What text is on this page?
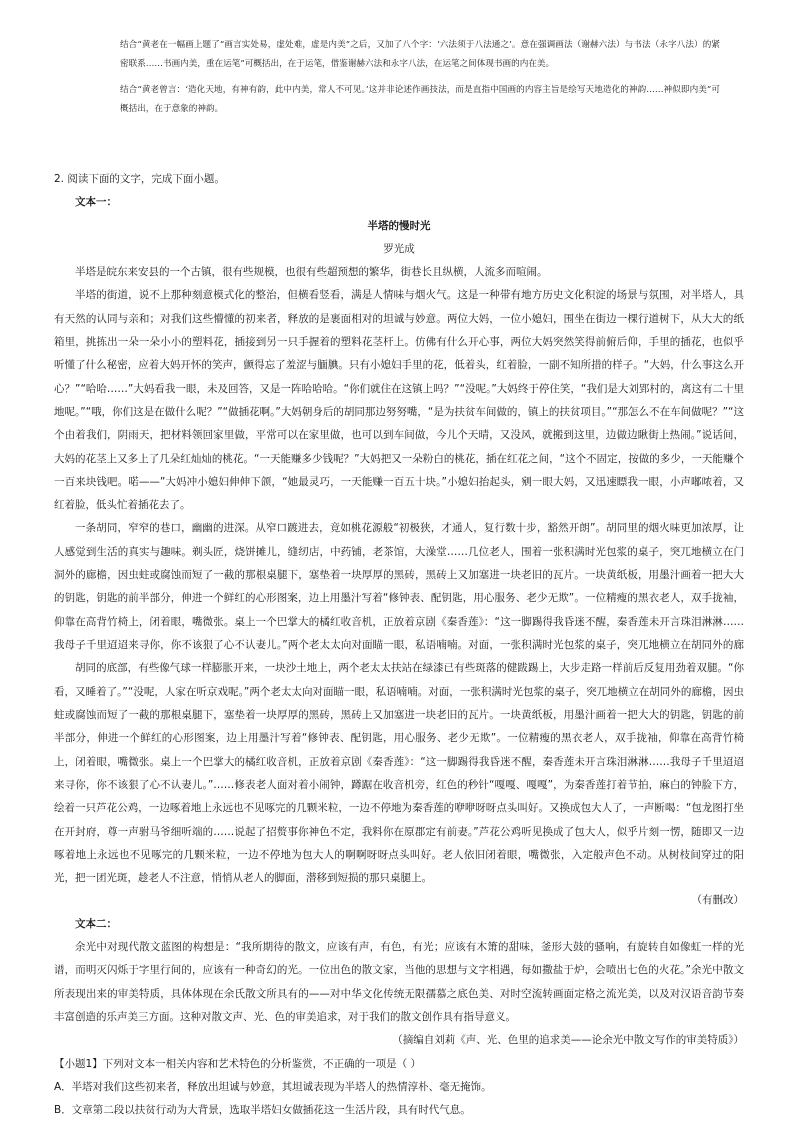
结合“黄老在一幅画上题了“画言实处易，虚处难，虚是内美”之后，又加了八个字：‘六法须于八法通之’。意在强调画法（谢赫六法）与书法（永字八法）的紧密联系……书画内美，重在运笔”可概括出，在于运笔，借鉴谢赫六法和永字八法，在运笔之间体现书画的内在美。

结合“黄老曾言：‘造化天地，有神有韵，此中内美，常人不可见。’这并非论述作画技法，而是直指中国画的内容主旨是绘写天地造化的神韵……神似即内美”可概括出，在于意象的神韵。

2. 阅读下面的文字，完成下面小题。

文本一：

半塔的慢时光

罗光成

半塔是皖东来安县的一个古镇，很有些规模，也很有些超预想的繁华，街巷长且纵横，人流多而喧闹。

半塔的街道，说不上那种刻意模式化的整治，但横看竖看，满是人情味与烟火气。这是一种带有地方历史文化积淀的场景与氛围，对半塔人，具有天然的认同与亲和；对我们这些懵懂的初来者，释放的是裹面相对的坦诚与妙意。两位大妈，一位小媳妇，围坐在街边一棵行道树下，从大大的纸箱里，挑拣出一朵一朵小小的塑料花，插接到另一只手握着的塑料花茎杆上。仿佛有什么开心事，两位大妈突然笑得前俯后仰，手里的插花，也似乎听懂了什么秘密，应着大妈开怀的笑声，颤得忘了羞涩与腼腆。只有小媳妇手里的花，低着头，红着脸，一副不知所措的样子。“大妈，什么事这么开心？”“哈哈……”大妈看我一眼，未及回答，又是一阵哈哈哈。“你们就住在这镇上吗？”“没呢。”大妈终于停住笑，“我们是大刘郢村的，离这有二十里地呢。”“哦，你们这是在做什么呢？”“做插花啊。”大妈朝身后的胡同那边努努嘴，“是为扶贫车间做的，镇上的扶贫项目。”“那怎么不在车间做呢？”“这个由着我们，阴雨天，把材料领回家里做，平常可以在家里做，也可以到车间做，今儿个天晴，又没风，就搬到这里，边做边瞅街上热闹。”说话间，大妈的花茎上又多上了几朵红灿灿的桃花。“一天能赚多少钱呢？”大妈把又一朵粉白的桃花，插在红花之间，“这个不固定，按做的多少，一天能赚个一百来块钱吧。喏——”大妈冲小媳妇伸伸下颌，“她最灵巧，一天能赚一百五十块。”小媳妇抬起头，剜一眼大妈，又迅速瞟我一眼，小声嘟哝着，又红着脸，低头忙着插花去了。

一条胡同，窄窄的巷口，幽幽的进深。从窄口踱进去，竟如桃花源般“初极狭，才通人，复行数十步，豁然开朗”。胡同里的烟火味更加浓厚，让人感觉到生活的真实与趣味。剃头匠，烧饼摊儿，缝纫店，中药铺，老茶馆，大澡堂……几位老人，围着一张积满时光包浆的桌子，突兀地横立在门洞外的廊檐，因虫蛀或腐蚀而短了一截的那根桌腿下，塞垫着一块厚厚的黑砖，黑砖上又加塞进一块老旧的瓦片。一块黄纸板，用墨汁画着一把大大的钥匙，钥匙的前半部分，伸进一个鲜红的心形图案，边上用墨汁写着“修钟表、配钥匙，用心服务、老少无欺”。一位精瘦的黑衣老人，双手拢袖，仰靠在高背竹椅上，闭着眼，嘴微张。桌上一个巴掌大的橘红收音机，正放着京剧《秦香莲》：“这一脚踢得我昏迷不醒，秦香莲未开言珠泪淋淋……我母子千里迢迢来寻你，你不该狠了心不认妻儿。”两个老太太向对面瞄一眼，私语喃喃。对面，一张积满时光包浆的桌子，突兀地横立在胡同外的廊

胡同的底部，有些像气球一样膨胀开来，一块沙土地上，两个老太太扶站在绿漆已有些斑落的健跋踢上，大步走路一样前后反复用劲着双腿。“你看，又睡着了。”“没呢，人家在听京戏呢。”两个老太太向对面瞄一眼，私语喃喃。对面，一张积满时光包浆的桌子，突兀地横立在胡同外的廊檐，因虫蛀或腐蚀而短了一截的那根桌腿下，塞垫着一块厚厚的黑砖，黑砖上又加塞进一块老旧的瓦片。一块黄纸板，用墨汁画着一把大大的钥匙，钥匙的前半部分，伸进一个鲜红的心形图案，边上用墨汁写着“修钟表、配钥匙，用心服务、老少无欺”。一位精瘦的黑衣老人，双手拢袖，仰靠在高背竹椅上，闭着眼，嘴微张。桌上一个巴掌大的橘红收音机，正放着京剧《秦香莲》：“这一脚踢得我昏迷不醒，秦香莲未开言珠泪淋淋……我母子千里迢迢来寻你，你不该狠了心不认妻儿。”……修表老人面对着小闹钟，蹲踞在收音机旁，红色的秒针“嘎嘎、嘎嘎”，为秦香莲打着节拍，麻白的钟脸下方，绘着一只芦花公鸡，一边啄着地上永远也不见啄完的几颗米粒，一边不停地为秦香莲的咿咿呀呀点头叫好。又换成包大人了，一声断喝：“包龙图打坐在开封府，尊一声驸马爷细听端的……说起了招赘事你神色不定，我料你在原郡定有前妻。”芦花公鸡听见换成了包大人，似乎片刻一愣，随即又一边啄着地上永远也不见啄完的几颗米粒，一边不停地为包大人的啊啊呀呀点头叫好。老人依旧闭着眼，嘴微张，入定般声色不动。从树枝间穿过的阳光，把一团光斑，趁老人不注意，悄悄从老人的脚面，潜移到短损的那只桌腿上。

（有删改）

文本二：

余光中对现代散文蓝图的构想是：“我所期待的散文，应该有声，有色，有光；应该有木箫的甜味，釜形大鼓的骚响，有旋转自如像虹一样的光谱，而明灭闪烁于字里行间的，应该有一种奇幻的光。一位出色的散文家，当他的思想与文字相遇，每如撒盐于炉，会喷出七色的火花。”余光中散文所表现出来的审美特质，具体体现在余氏散文所具有的——对中华文化传统无限孺慕之底色美、对时空流转画面定格之流光美，以及对汉语音韵节奏丰富创造的乐声美三方面。这种对散文声、光、色的审美追求，对于我们的散文创作具有指导意义。

（摘编自刘莉《声、光、色里的追求美——论余光中散文写作的审美特质》）

【小题1】下列对文本一相关内容和艺术特色的分析鉴赏，不正确的一项是（ ）

A．半塔对我们这些初来者，释放出坦诚与妙意，其坦诚表现为半塔人的热情淳朴、毫无掩饰。

B．文章第二段以扶贫行动为大背景，选取半塔妇女做插花这一生活片段，具有时代气息。
